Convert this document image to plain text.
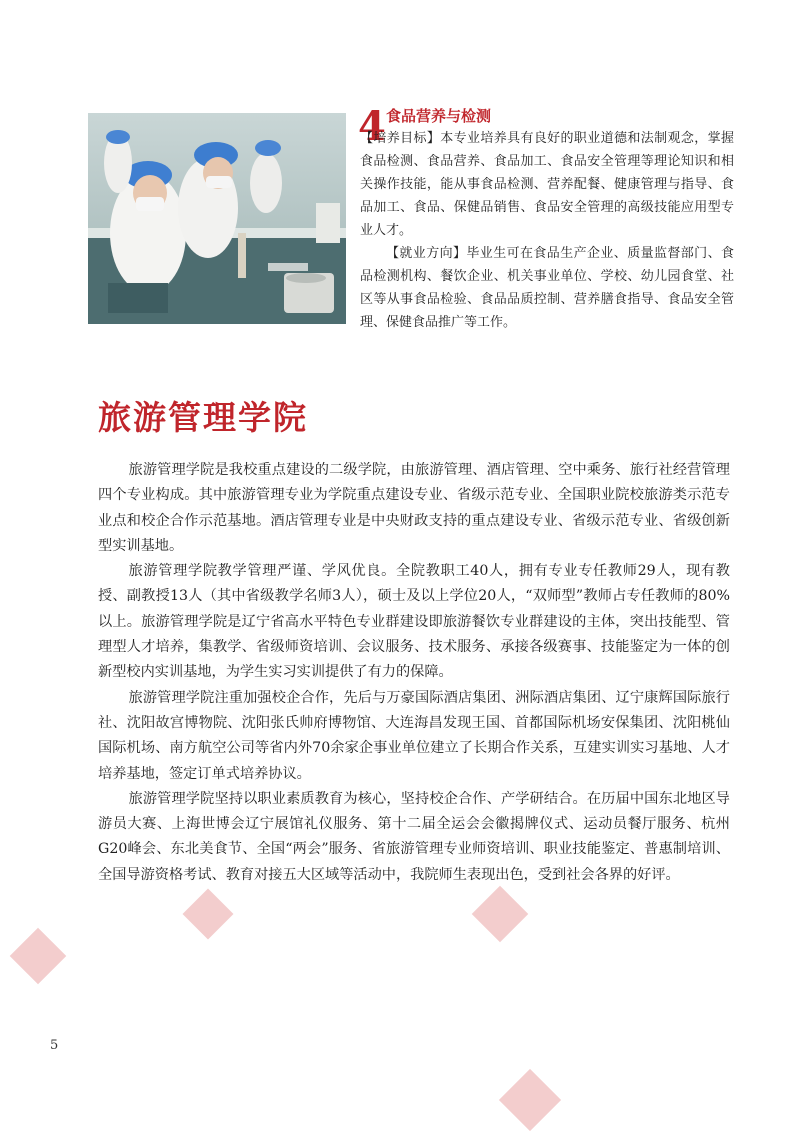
4 食品营养与检测

【培养目标】本专业培养具有良好的职业道德和法制观念，掌握食品检测、食品营养、食品加工、食品安全管理等理论知识和相关操作技能，能从事食品检测、营养配餐、健康管理与指导、食品加工、食品、保健品销售、食品安全管理的高级技能应用型专业人才。

【就业方向】毕业生可在食品生产企业、质量监督部门、食品检测机构、餐饮企业、机关事业单位、学校、幼儿园食堂、社区等从事食品检验、食品品质控制、营养膳食指导、食品安全管理、保健食品推广等工作。

旅游管理学院

旅游管理学院是我校重点建设的二级学院，由旅游管理、酒店管理、空中乘务、旅行社经营管理四个专业构成。其中旅游管理专业为学院重点建设专业、省级示范专业、全国职业院校旅游类示范专业点和校企合作示范基地。酒店管理专业是中央财政支持的重点建设专业、省级示范专业、省级创新型实训基地。

旅游管理学院教学管理严谨、学风优良。全院教职工40人，拥有专业专任教师29人，现有教授、副教授13人（其中省级教学名师3人），硕士及以上学位20人，“双师型”教师占专任教师的80%以上。旅游管理学院是辽宁省高水平特色专业群建设即旅游餐饮专业群建设的主体，突出技能型、管理型人才培养，集教学、省级师资培训、会议服务、技术服务、承接各级赛事、技能鉴定为一体的创新型校内实训基地，为学生实习实训提供了有力的保障。

旅游管理学院注重加强校企合作，先后与万豪国际酒店集团、洲际酒店集团、辽宁康辉国际旅行社、沈阳故宫博物院、沈阳张氏帅府博物馆、大连海昌发现王国、首都国际机场安保集团、沈阳桃仙国际机场、南方航空公司等省内外70余家企事业单位建立了长期合作关系，互建实训实习基地、人才培养基地，签定订单式培养协议。

旅游管理学院坚持以职业素质教育为核心，坚持校企合作、产学研结合。在历届中国东北地区导游员大赛、上海世博会辽宁展馆礼仪服务、第十二届全运会会徽揭牌仪式、运动员餐厅服务、杭州G20峰会、东北美食节、全国“两会”服务、省旅游管理专业师资培训、职业技能鉴定、普惠制培训、全国导游资格考试、教育对接五大区域等活动中，我院师生表现出色，受到社会各界的好评。

5
